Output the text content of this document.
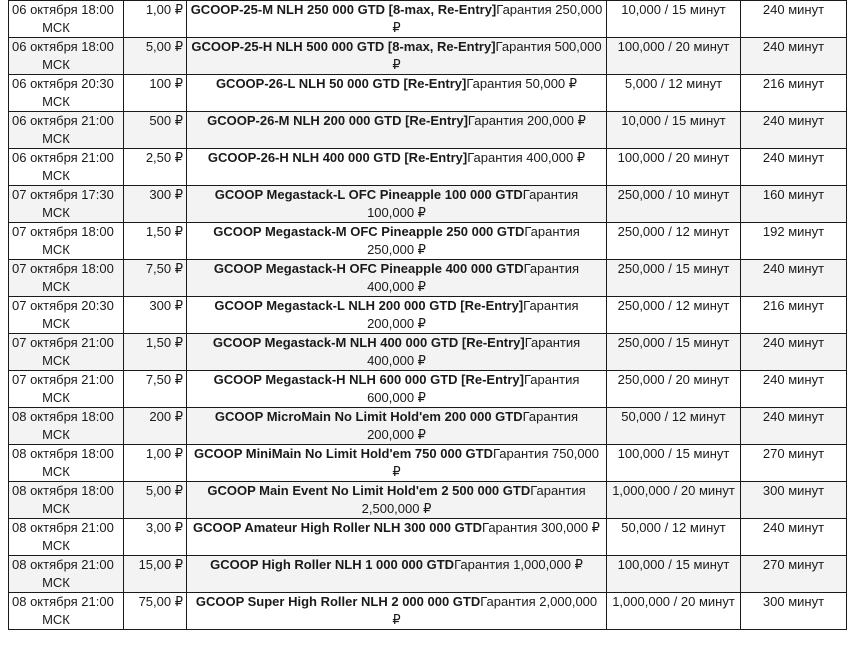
06 октября 18:00
МСК	1,00 ₽	GCOOP-25-M NLH 250 000 GTD [8-max, Re-Entry]Гарантия 250,000 ₽	10,000 / 15 минут	240 минут

06 октября 18:00
МСК	5,00 ₽	GCOOP-25-H NLH 500 000 GTD [8-max, Re-Entry]Гарантия 500,000 ₽	100,000 / 20 минут	240 минут

06 октября 20:30
МСК	100 ₽	GCOOP-26-L NLH 50 000 GTD [Re-Entry]Гарантия 50,000 ₽	5,000 / 12 минут	216 минут

06 октября 21:00
МСК	500 ₽	GCOOP-26-M NLH 200 000 GTD [Re-Entry]Гарантия 200,000 ₽	10,000 / 15 минут	240 минут

06 октября 21:00
МСК	2,50 ₽	GCOOP-26-H NLH 400 000 GTD [Re-Entry]Гарантия 400,000 ₽	100,000 / 20 минут	240 минут

07 октября 17:30
МСК	300 ₽	GCOOP Megastack-L OFC Pineapple 100 000 GTDГарантия 100,000 ₽	250,000 / 10 минут	160 минут

07 октября 18:00
МСК	1,50 ₽	GCOOP Megastack-M OFC Pineapple 250 000 GTDГарантия 250,000 ₽	250,000 / 12 минут	192 минут

07 октября 18:00
МСК	7,50 ₽	GCOOP Megastack-H OFC Pineapple 400 000 GTDГарантия 400,000 ₽	250,000 / 15 минут	240 минут

07 октября 20:30
МСК	300 ₽	GCOOP Megastack-L NLH 200 000 GTD [Re-Entry]Гарантия 200,000 ₽	250,000 / 12 минут	216 минут

07 октября 21:00
МСК	1,50 ₽	GCOOP Megastack-M NLH 400 000 GTD [Re-Entry]Гарантия 400,000 ₽	250,000 / 15 минут	240 минут

07 октября 21:00
МСК	7,50 ₽	GCOOP Megastack-H NLH 600 000 GTD [Re-Entry]Гарантия 600,000 ₽	250,000 / 20 минут	240 минут

08 октября 18:00
МСК	200 ₽	GCOOP MicroMain No Limit Hold'em 200 000 GTDГарантия 200,000 ₽	50,000 / 12 минут	240 минут

08 октября 18:00
МСК	1,00 ₽	GCOOP MiniMain No Limit Hold'em 750 000 GTDГарантия 750,000 ₽	100,000 / 15 минут	270 минут

08 октября 18:00
МСК	5,00 ₽	GCOOP Main Event No Limit Hold'em 2 500 000 GTDГарантия 2,500,000 ₽	1,000,000 / 20 минут	300 минут

08 октября 21:00
МСК	3,00 ₽	GCOOP Amateur High Roller NLH 300 000 GTDГарантия 300,000 ₽	50,000 / 12 минут	240 минут

08 октября 21:00
МСК	15,00 ₽	GCOOP High Roller NLH 1 000 000 GTDГарантия 1,000,000 ₽	100,000 / 15 минут	270 минут

08 октября 21:00
МСК	75,00 ₽	GCOOP Super High Roller NLH 2 000 000 GTDГарантия 2,000,000 ₽	1,000,000 / 20 минут	300 минут
